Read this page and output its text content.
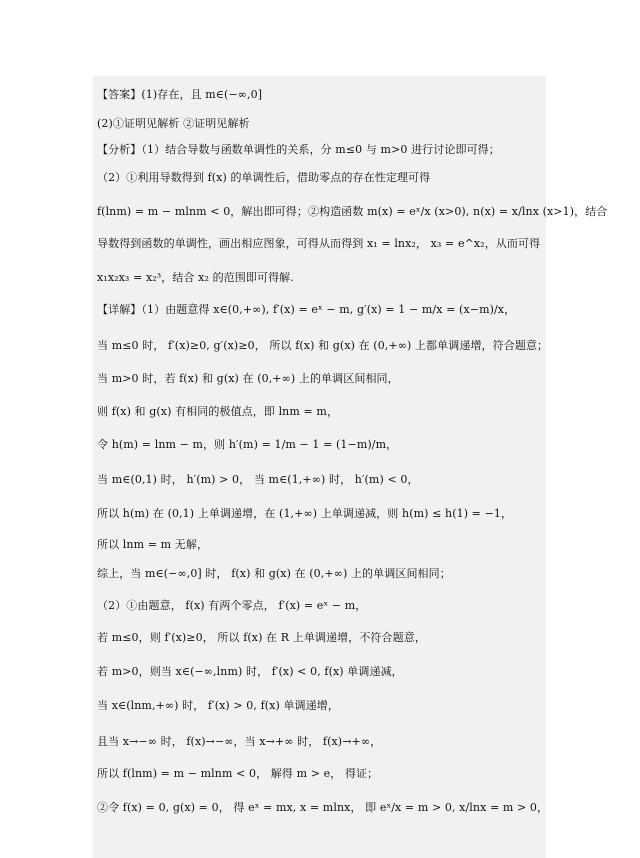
【答案】(1)存在，且 m∈(−∞,0]
(2)①证明见解析 ②证明见解析
【分析】（1）结合导数与函数单调性的关系，分 m≤0 与 m>0 进行讨论即可得；
（2）①利用导数得到 f(x) 的单调性后，借助零点的存在性定理可得
f(lnm) = m − mlnm < 0，解出即可得；②构造函数 m(x) = eˣ/x (x>0), n(x) = x/lnx (x>1)，结合
导数得到函数的单调性，画出相应图象，可得从而得到 x₁ = lnx₂， x₃ = e^x₂，从而可得
x₁x₂x₃ = x₂³，结合 x₂ 的范围即可得解.
【详解】（1）由题意得 x∈(0,+∞), f′(x) = eˣ − m, g′(x) = 1 − m/x = (x−m)/x，
当 m≤0 时， f′(x)≥0, g′(x)≥0， 所以 f(x) 和 g(x) 在 (0,+∞) 上都单调递增，符合题意；
当 m>0 时，若 f(x) 和 g(x) 在 (0,+∞) 上的单调区间相同，
则 f(x) 和 g(x) 有相同的极值点，即 lnm = m，
令 h(m) = lnm − m，则 h′(m) = 1/m − 1 = (1−m)/m，
当 m∈(0,1) 时， h′(m) > 0， 当 m∈(1,+∞) 时， h′(m) < 0，
所以 h(m) 在 (0,1) 上单调递增，在 (1,+∞) 上单调递减，则 h(m) ≤ h(1) = −1，
所以 lnm = m 无解，
综上，当 m∈(−∞,0] 时， f(x) 和 g(x) 在 (0,+∞) 上的单调区间相同；
（2）①由题意， f(x) 有两个零点， f′(x) = eˣ − m，
若 m≤0，则 f′(x)≥0， 所以 f(x) 在 R 上单调递增，不符合题意，
若 m>0，则当 x∈(−∞,lnm) 时， f′(x) < 0, f(x) 单调递减，
当 x∈(lnm,+∞) 时， f′(x) > 0, f(x) 单调递增，
且当 x→−∞ 时， f(x)→−∞，当 x→+∞ 时， f(x)→+∞，
所以 f(lnm) = m − mlnm < 0， 解得 m > e， 得证；
②令 f(x) = 0, g(x) = 0， 得 eˣ = mx, x = mlnx， 即 eˣ/x = m > 0, x/lnx = m > 0，
